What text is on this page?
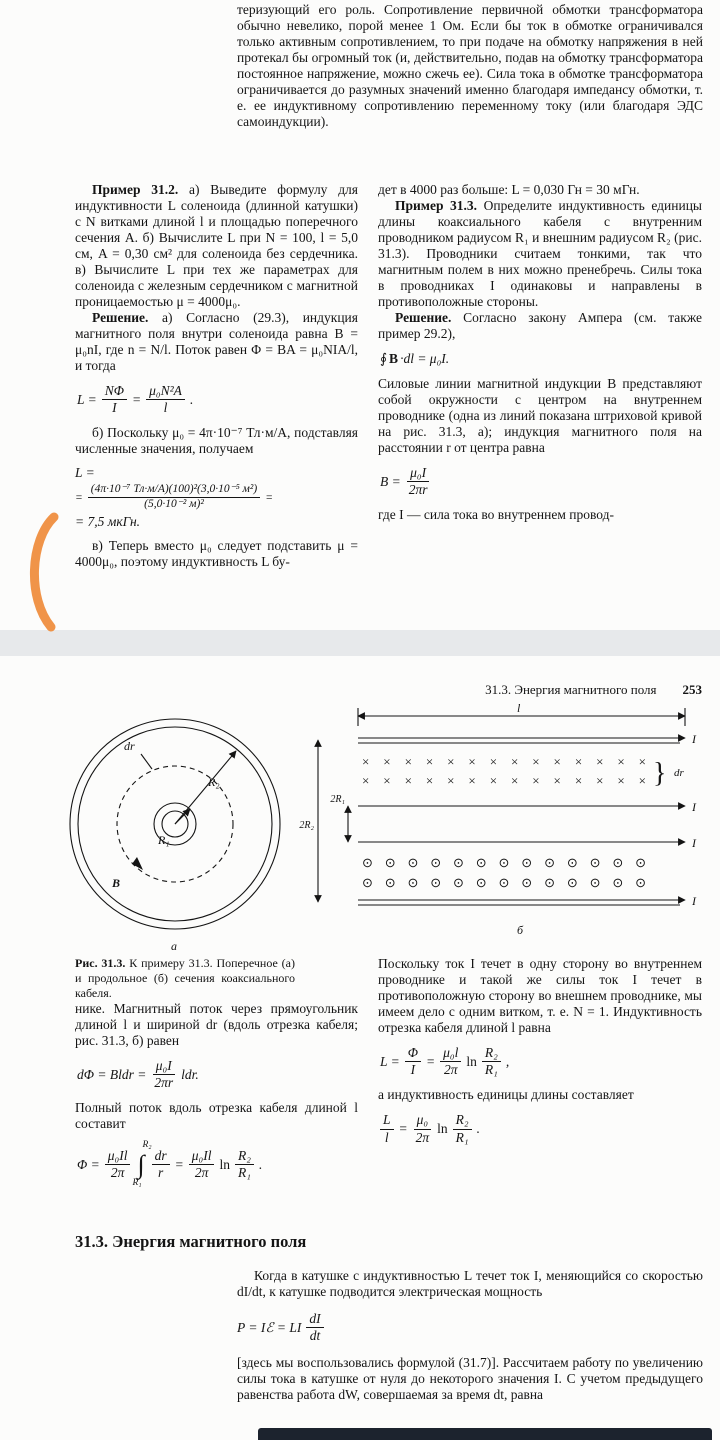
теризующий его роль. Сопротивление первичной обмотки трансформатора обычно невелико, порой менее 1 Ом. Если бы ток в обмотке ограничивался только активным сопротивлением, то при подаче на обмотку напряжения в ней протекал бы огромный ток (и, действительно, подав на обмотку трансформатора постоянное напряжение, можно сжечь ее). Сила тока в обмотке трансформатора ограничивается до разумных значений именно благодаря импедансу обмотки, т. е. ее индуктивному сопротивлению переменному току (или благодаря ЭДС самоиндукции).

Пример 31.2. а) Выведите формулу для индуктивности L соленоида (длинной катушки) с N витками длиной l и площадью поперечного сечения A. б) Вычислите L при N = 100, l = 5,0 см, A = 0,30 см² для соленоида без сердечника. в) Вычислите L при тех же параметрах для соленоида с железным сердечником с магнитной проницаемостью μ = 4000μ₀.

Решение. а) Согласно (29.3), индукция магнитного поля внутри соленоида равна B = μ₀nI, где n = N/l. Поток равен Φ = BA = μ₀NIA/l, и тогда

$L = \frac{N\Phi}{I} = \frac{\text{μ₀N²A}}{l}$ .

б) Поскольку μ₀ = 4π·10⁻⁷ Тл·м/А, подставляя численные значения, получаем

L =
= $\frac{\text{(4π·10⁻⁷ Тл·м/А)(100)²(3,0·10⁻⁵ м²)}}{\text{(5,0·10⁻² м)²}}$ =
= 7,5 мкГн.

в) Теперь вместо μ₀ следует подставить μ = 4000μ₀, поэтому индуктивность L бу-

дет в 4000 раз больше: L = 0,030 Гн = 30 мГн.

Пример 31.3. Определите индуктивность единицы длины коаксиального кабеля с внутренним проводником радиусом R₁ и внешним радиусом R₂ (рис. 31.3). Проводники считаем тонкими, так что магнитным полем в них можно пренебречь. Силы тока в проводниках I одинаковы и направлены в противоположные стороны.

Решение. Согласно закону Ампера (см. также пример 29.2),

∮ B ·dl = μ₀I.

Силовые линии магнитной индукции B представляют собой окружности с центром на внутреннем проводнике (одна из линий показана штриховой кривой на рис. 31.3, а); индукция магнитного поля на расстоянии r от центра равна

$B = \frac{\text{μ₀I}}{2\pi r}$

где I — сила тока во внутреннем провод-

31.3. Энергия магнитного поля 253
dr
R₂
R₁
B
а
l
I
I
I
I
2R₂
2R₁
} dr
б
× × × × × × × × × × × × × ×
× × × × × × × × × × × × × ×
⊙ ⊙ ⊙ ⊙ ⊙ ⊙ ⊙ ⊙ ⊙ ⊙ ⊙ ⊙ ⊙
⊙ ⊙ ⊙ ⊙ ⊙ ⊙ ⊙ ⊙ ⊙ ⊙ ⊙ ⊙ ⊙

Рис. 31.3. К примеру 31.3. Поперечное (а) и продольное (б) сечения коаксиального кабеля.

нике. Магнитный поток через прямоугольник длиной l и шириной dr (вдоль отрезка кабеля; рис. 31.3, б) равен

dΦ = Bldr = $\frac{\text{μ₀I}}{2\pi r}$ ldr.

Полный поток вдоль отрезка кабеля длиной l составит

$\Phi = \frac{\text{μ₀Il}}{2\pi}$
R₂
∫
R₁
$\frac{dr}{r} = \frac{\text{μ₀Il}}{2\pi}$ $\ln \frac{\text{R₂}}{\text{R₁}}$ .

Поскольку ток I течет в одну сторону во внутреннем проводнике и такой же силы ток I течет в противоположную сторону во внешнем проводнике, мы имеем дело с одним витком, т. е. N = 1. Индуктивность отрезка кабеля длиной l равна

$L = \frac{\Phi}{I} = \frac{\text{μ₀l}}{2\pi}$ $\ln \frac{\text{R₂}}{\text{R₁}}$ ,

а индуктивность единицы длины составляет

$\frac{L}{l} = \frac{\text{μ₀}}{2\pi}$ $\ln \frac{\text{R₂}}{\text{R₁}}$ .
31.3. Энергия магнитного поля

Когда в катушке с индуктивностью L течет ток I, меняющийся со скоростью dI/dt, к катушке подводится электрическая мощность

P = Iℰ = LI $\frac{dI}{dt}$

[здесь мы воспользовались формулой (31.7)]. Рассчитаем работу по увеличению силы тока в катушке от нуля до некоторого значения I. С учетом предыдущего равенства работа dW, совершаемая за время dt, равна
